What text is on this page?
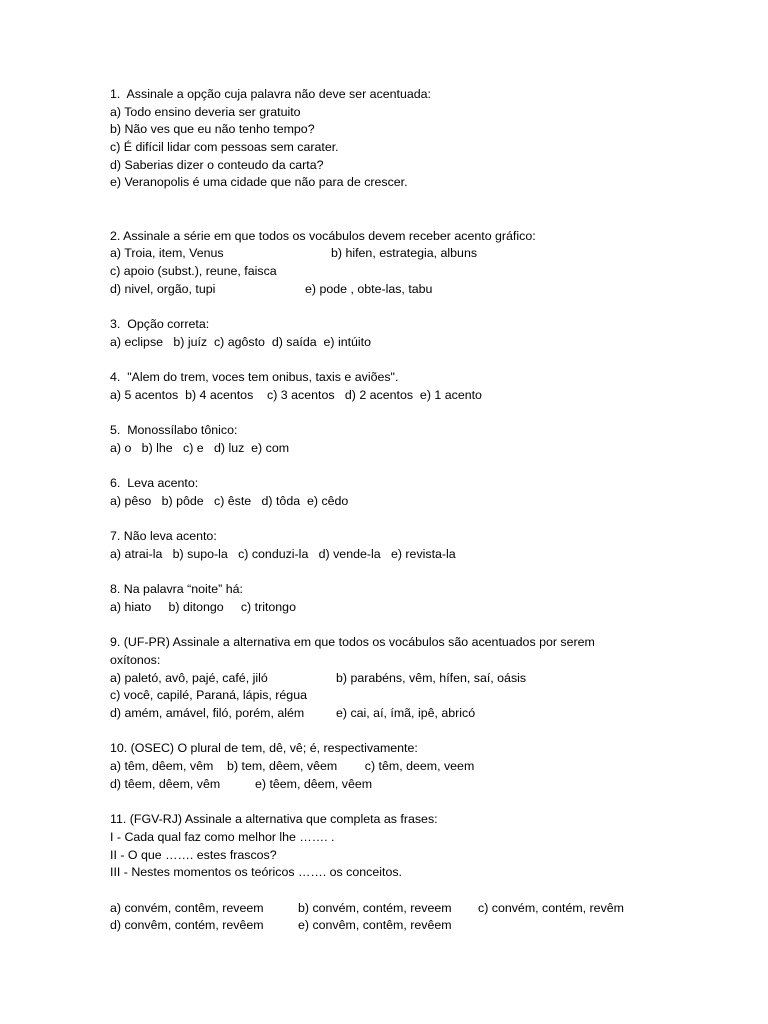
1.  Assinale a opção cuja palavra não deve ser acentuada:
a) Todo ensino deveria ser gratuito
b) Não ves que eu não tenho tempo?
c) É difícil lidar com pessoas sem carater.
d) Saberias dizer o conteudo da carta?
e) Veranopolis é uma cidade que não para de crescer.
2. Assinale a série em que todos os vocábulos devem receber acento gráfico:
a) Troia, item, Venus	b) hifen, estrategia, albuns
c) apoio (subst.), reune, faisca
d) nivel, orgão, tupi	e) pode , obte-las, tabu
3.  Opção correta:
a) eclipse   b) juíz  c) agôsto  d) saída  e) intúito
4.  "Alem do trem, voces tem onibus, taxis e aviões".
a) 5 acentos  b) 4 acentos    c) 3 acentos   d) 2 acentos  e) 1 acento
5.  Monossílabo tônico:
a) o   b) lhe   c) e   d) luz  e) com
6.  Leva acento:
a) pêso   b) pôde   c) êste   d) tôda  e) cêdo
7. Não leva acento:
a) atrai-la   b) supo-la   c) conduzi-la   d) vende-la   e) revista-la
8. Na palavra “noite” há:
a) hiato     b) ditongo     c) tritongo
9. (UF-PR) Assinale a alternativa em que todos os vocábulos são acentuados por serem
oxítonos:
a) paletó, avô, pajé, café, jiló	b) parabéns, vêm, hífen, saí, oásis
c) você, capilé, Paraná, lápis, régua
d) amém, amável, filó, porém, além	e) cai, aí, ímã, ipê, abricó
10. (OSEC) O plural de tem, dê, vê; é, respectivamente:
a) têm, dêem, vêm    b) tem, dêem, vêem        c) têm, deem, veem
d) têem, dêem, vêm	e) têem, dêem, vêem
11. (FGV-RJ) Assinale a alternativa que completa as frases:
I - Cada qual faz como melhor lhe ……. .
II - O que ……. estes frascos?
III - Nestes momentos os teóricos ……. os conceitos.
a) convém, contêm, reveem	b) convém, contém, reveem c) convém, contém, revêm
d) convêm, contém, revêem	e) convêm, contêm, revêem
